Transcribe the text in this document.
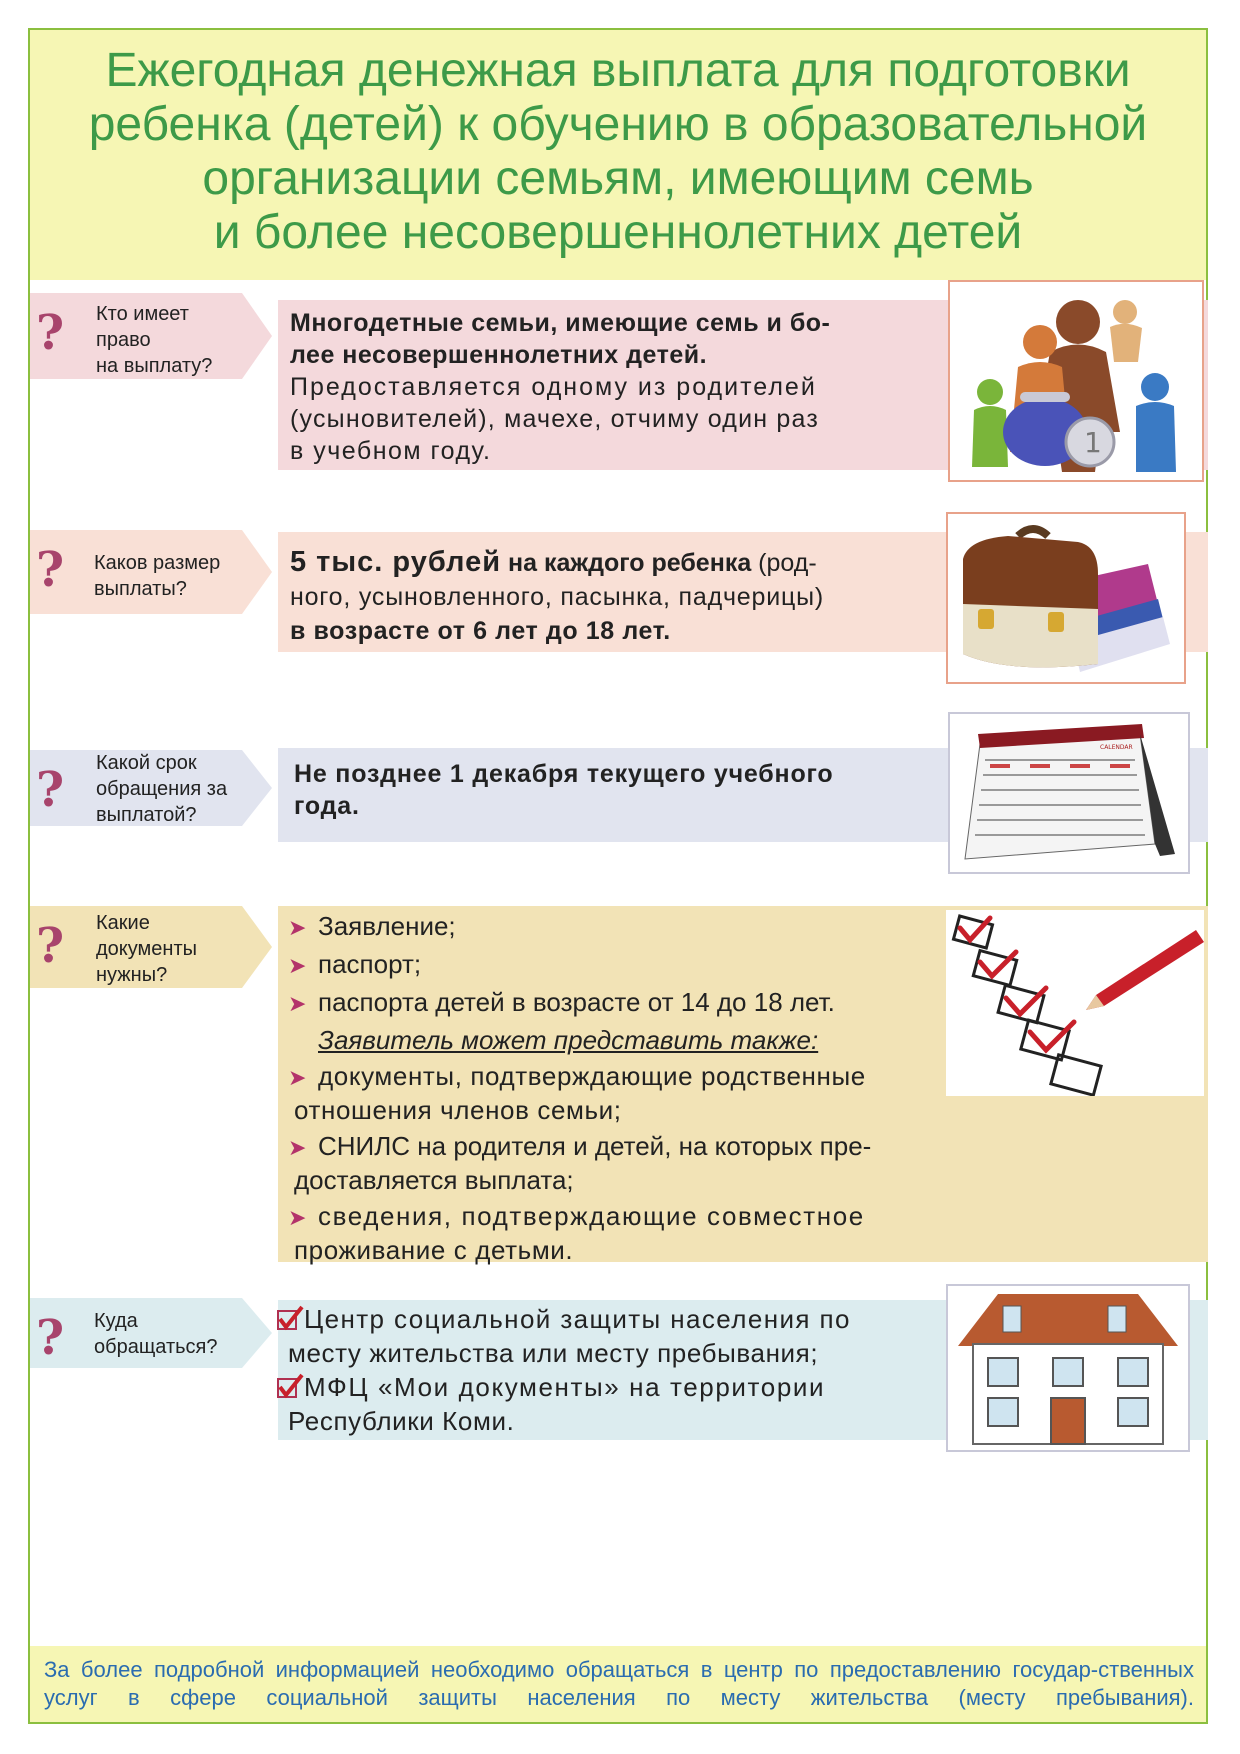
Ежегодная денежная выплата для подготовки
ребенка (детей) к обучению в образовательной
организации семьям, имеющим семь
и более несовершеннолетних детей
? Кто имеет
право
на выплату?
Многодетные семьи, имеющие семь и бо-
лее несовершеннолетних детей.
Предоставляется одному из родителей
(усыновителей), мачехе, отчиму один раз
в учебном году.	1
? Каков размер
выплаты?
5 тыс. рублей на каждого ребенка (род-
ного, усыновленного, пасынка, падчерицы)
в возрасте от 6 лет до 18 лет.
? Какой срок
обращения за
выплатой?
Не позднее 1 декабря текущего учебного
года.
CALENDAR
? Какие
документы
нужны?
➤ Заявление;
➤ паспорт;
➤ паспорта детей в возрасте от 14 до 18 лет.
Заявитель может представить также:
➤ документы, подтверждающие родственные
отношения членов семьи;
➤ СНИЛС на родителя и детей, на которых пре-
доставляется выплата;
➤ сведения, подтверждающие совместное
проживание с детьми.
? Куда
обращаться?
Центр социальной защиты населения по
месту жительства или месту пребывания;
МФЦ «Мои документы» на территории
Республики Коми.
За более подробной информацией необходимо обращаться в центр по предоставлению государ-ственных услуг в сфере социальной защиты населения по месту жительства (месту пребывания).
